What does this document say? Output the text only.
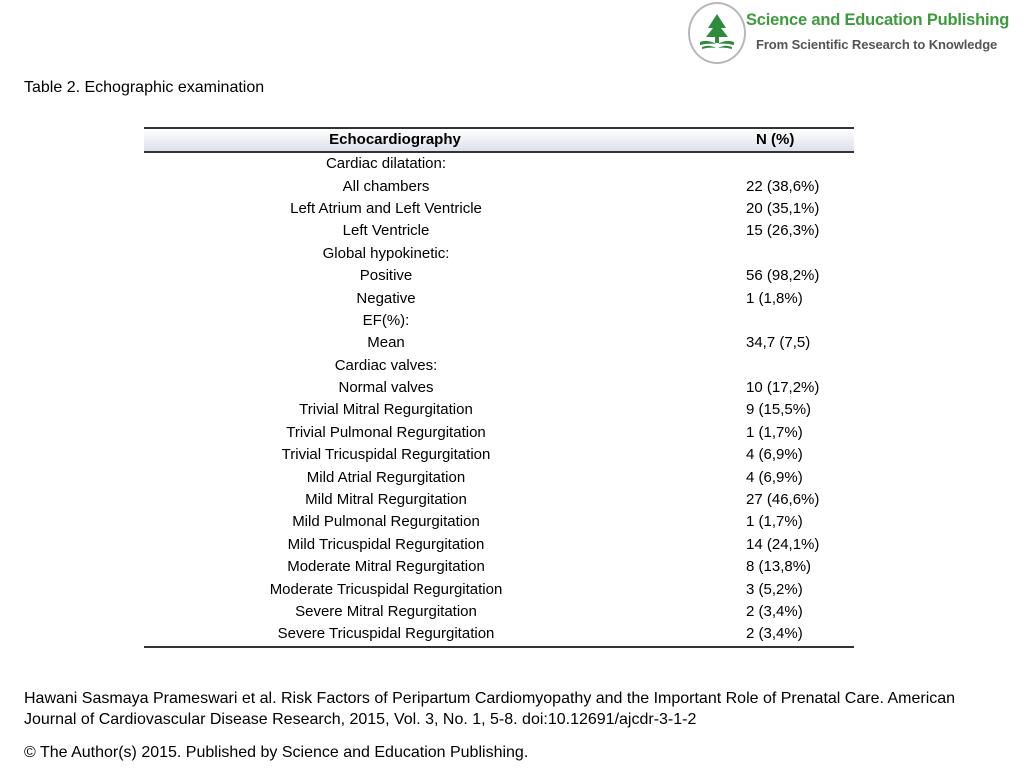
Science and Education Publishing
From Scientific Research to Knowledge
Table 2. Echographic examination
Echocardiography	N (%)
Cardiac dilatation:	
All chambers	22 (38,6%)
Left Atrium and Left Ventricle	20 (35,1%)
Left Ventricle	15 (26,3%)
Global hypokinetic:	
Positive	56 (98,2%)
Negative	1 (1,8%)
EF(%):	
Mean	34,7 (7,5)
Cardiac valves:	
Normal valves	10 (17,2%)
Trivial Mitral Regurgitation	9 (15,5%)
Trivial Pulmonal Regurgitation	1 (1,7%)
Trivial Tricuspidal Regurgitation	4 (6,9%)
Mild Atrial Regurgitation	4 (6,9%)
Mild Mitral Regurgitation	27 (46,6%)
Mild Pulmonal Regurgitation	1 (1,7%)
Mild Tricuspidal Regurgitation	14 (24,1%)
Moderate Mitral Regurgitation	8 (13,8%)
Moderate Tricuspidal Regurgitation	3 (5,2%)
Severe Mitral Regurgitation	2 (3,4%)
Severe Tricuspidal Regurgitation	2 (3,4%)
Hawani Sasmaya Prameswari et al. Risk Factors of Peripartum Cardiomyopathy and the Important Role of Prenatal Care. American Journal of Cardiovascular Disease Research, 2015, Vol. 3, No. 1, 5-8. doi:10.12691/ajcdr-3-1-2
© The Author(s) 2015. Published by Science and Education Publishing.
